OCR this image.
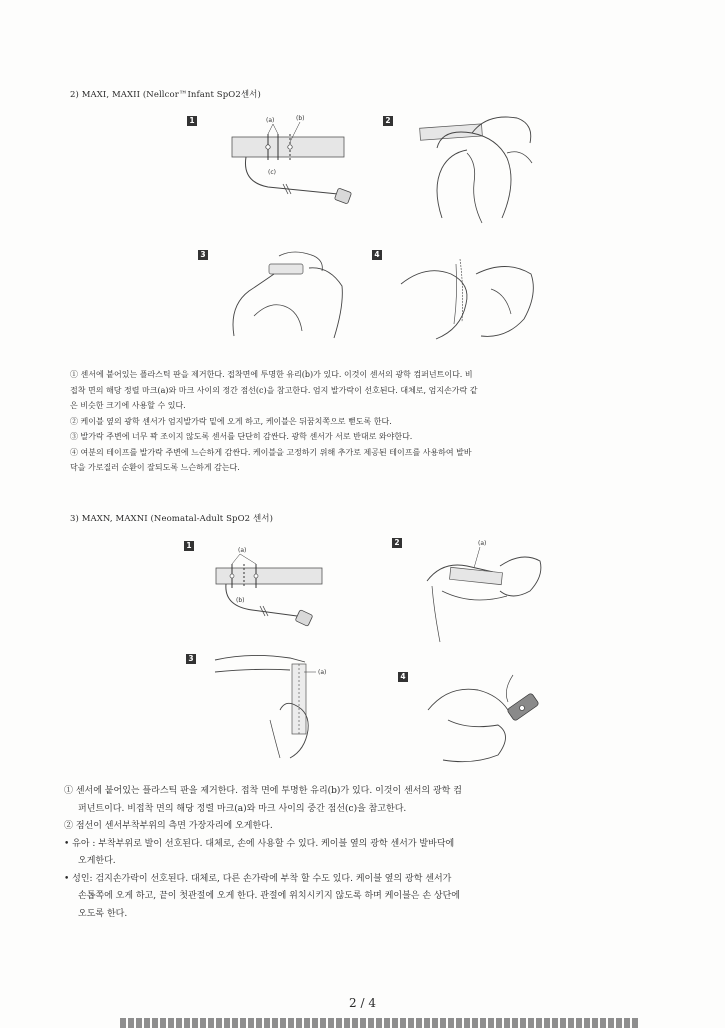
2) MAXI, MAXII (Nellcor™Infant SpO2센서)
1	(a)	(b)
(c)
2
3	4
① 센서에 붙어있는 플라스틱 판을 제거한다. 접착면에 투명한 유리(b)가 있다. 이것이 센서의 광학 컴퍼넌트이다. 비
접착 면의 해당 정렬 마크(a)와 마크 사이의 정간 점선(c)을 참고한다. 엄지 발가락이 선호된다. 대체로, 엄지손가락 같
은 비슷한 크기에 사용할 수 있다.
② 케이블 옆의 광학 센서가 엄지발가락 밑에 오게 하고, 케이블은 뒤꿈치쪽으로 뻗도록 한다.
③ 발가락 주변에 너무 꽉 조이지 않도록 센서를 단단히 감싼다. 광학 센서가 서로 반대로 와야한다.
④ 여분의 테이프를 발가락 주변에 느슨하게 감싼다. 케이블을 고정하기 위해 추가로 제공된 테이프를 사용하여 발바
닥을 가로질러 순환이 잘되도록 느슨하게 감는다.
3) MAXN, MAXNI (Neomatal-Adult SpO2 센서)
1
(a)
(b)
2	(a)
3
(a)	4
① 센서에 붙어있는 플라스틱 판을 제거한다. 접착 면에 투명한 유리(b)가 있다. 이것이 센서의 광학 컴
퍼넌트이다. 비접착 면의 해당 정렬 마크(a)와 마크 사이의 중간 점선(c)을 참고한다.
② 점선이 센서부착부위의 측면 가장자리에 오게한다.
• 유아 : 부착부위로 발이 선호된다. 대체로, 손에 사용할 수 있다. 케이블 옆의 광학 센서가 발바닥에
오게한다.
• 성인: 검지손가락이 선호된다. 대체로, 다른 손가락에 부착 할 수도 있다. 케이블 옆의 광학 센서가
손톱쪽에 오게 하고, 끝이 첫관절에 오게 한다. 관절에 위치시키지 않도록 하며 케이블은 손 상단에
오도록 한다.
2 / 4
